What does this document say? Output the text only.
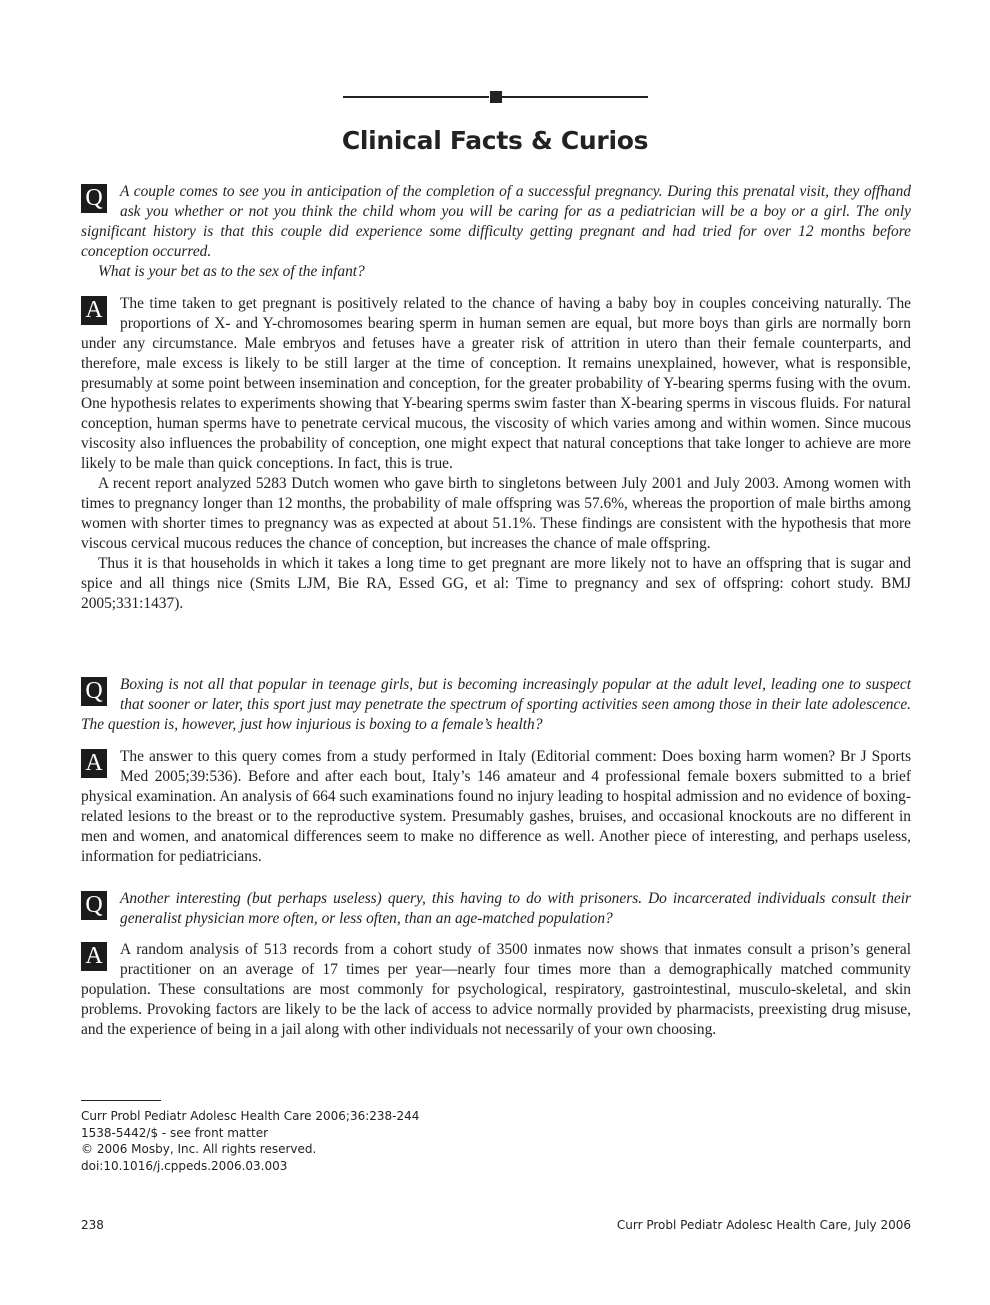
Clinical Facts & Curios
Q	A couple comes to see you in anticipation of the completion of a successful pregnancy. During this prenatal visit, they offhand ask you whether or not you think the child whom you will be caring for as a pediatrician will be a boy or a girl. The only significant history is that this couple did experience some difficulty getting pregnant and had tried for over 12 months before conception occurred.

What is your bet as to the sex of the infant?

A	The time taken to get pregnant is positively related to the chance of having a baby boy in couples conceiving naturally. The proportions of X- and Y-chromosomes bearing sperm in human semen are equal, but more boys than girls are normally born under any circumstance. Male embryos and fetuses have a greater risk of attrition in utero than their female counterparts, and therefore, male excess is likely to be still larger at the time of conception. It remains unexplained, however, what is responsible, presumably at some point between insemination and conception, for the greater probability of Y-bearing sperms fusing with the ovum. One hypothesis relates to experiments showing that Y-bearing sperms swim faster than X-bearing sperms in viscous fluids. For natural conception, human sperms have to penetrate cervical mucous, the viscosity of which varies among and within women. Since mucous viscosity also influences the probability of conception, one might expect that natural conceptions that take longer to achieve are more likely to be male than quick conceptions. In fact, this is true.

A recent report analyzed 5283 Dutch women who gave birth to singletons between July 2001 and July 2003. Among women with times to pregnancy longer than 12 months, the probability of male offspring was 57.6%, whereas the proportion of male births among women with shorter times to pregnancy was as expected at about 51.1%. These findings are consistent with the hypothesis that more viscous cervical mucous reduces the chance of conception, but increases the chance of male offspring.

Thus it is that households in which it takes a long time to get pregnant are more likely not to have an offspring that is sugar and spice and all things nice (Smits LJM, Bie RA, Essed GG, et al: Time to pregnancy and sex of offspring: cohort study. BMJ 2005;331:1437).

Q	Boxing is not all that popular in teenage girls, but is becoming increasingly popular at the adult level, leading one to suspect that sooner or later, this sport just may penetrate the spectrum of sporting activities seen among those in their late adolescence. The question is, however, just how injurious is boxing to a female’s health?

A	The answer to this query comes from a study performed in Italy (Editorial comment: Does boxing harm women? Br J Sports Med 2005;39:536). Before and after each bout, Italy’s 146 amateur and 4 professional female boxers submitted to a brief physical examination. An analysis of 664 such examinations found no injury leading to hospital admission and no evidence of boxing-related lesions to the breast or to the reproductive system. Presumably gashes, bruises, and occasional knockouts are no different in men and women, and anatomical differences seem to make no difference as well. Another piece of interesting, and perhaps useless, information for pediatricians.

Q	Another interesting (but perhaps useless) query, this having to do with prisoners. Do incarcerated individuals consult their generalist physician more often, or less often, than an age-matched population?

A	A random analysis of 513 records from a cohort study of 3500 inmates now shows that inmates consult a prison’s general practitioner on an average of 17 times per year—nearly four times more than a demographically matched community population. These consultations are most commonly for psychological, respiratory, gastrointestinal, musculo-skeletal, and skin problems. Provoking factors are likely to be the lack of access to advice normally provided by pharmacists, preexisting drug misuse, and the experience of being in a jail along with other individuals not necessarily of your own choosing.

Curr Probl Pediatr Adolesc Health Care 2006;36:238-244
1538-5442/$ - see front matter
© 2006 Mosby, Inc. All rights reserved.
doi:10.1016/j.cppeds.2006.03.003
238	Curr Probl Pediatr Adolesc Health Care, July 2006
